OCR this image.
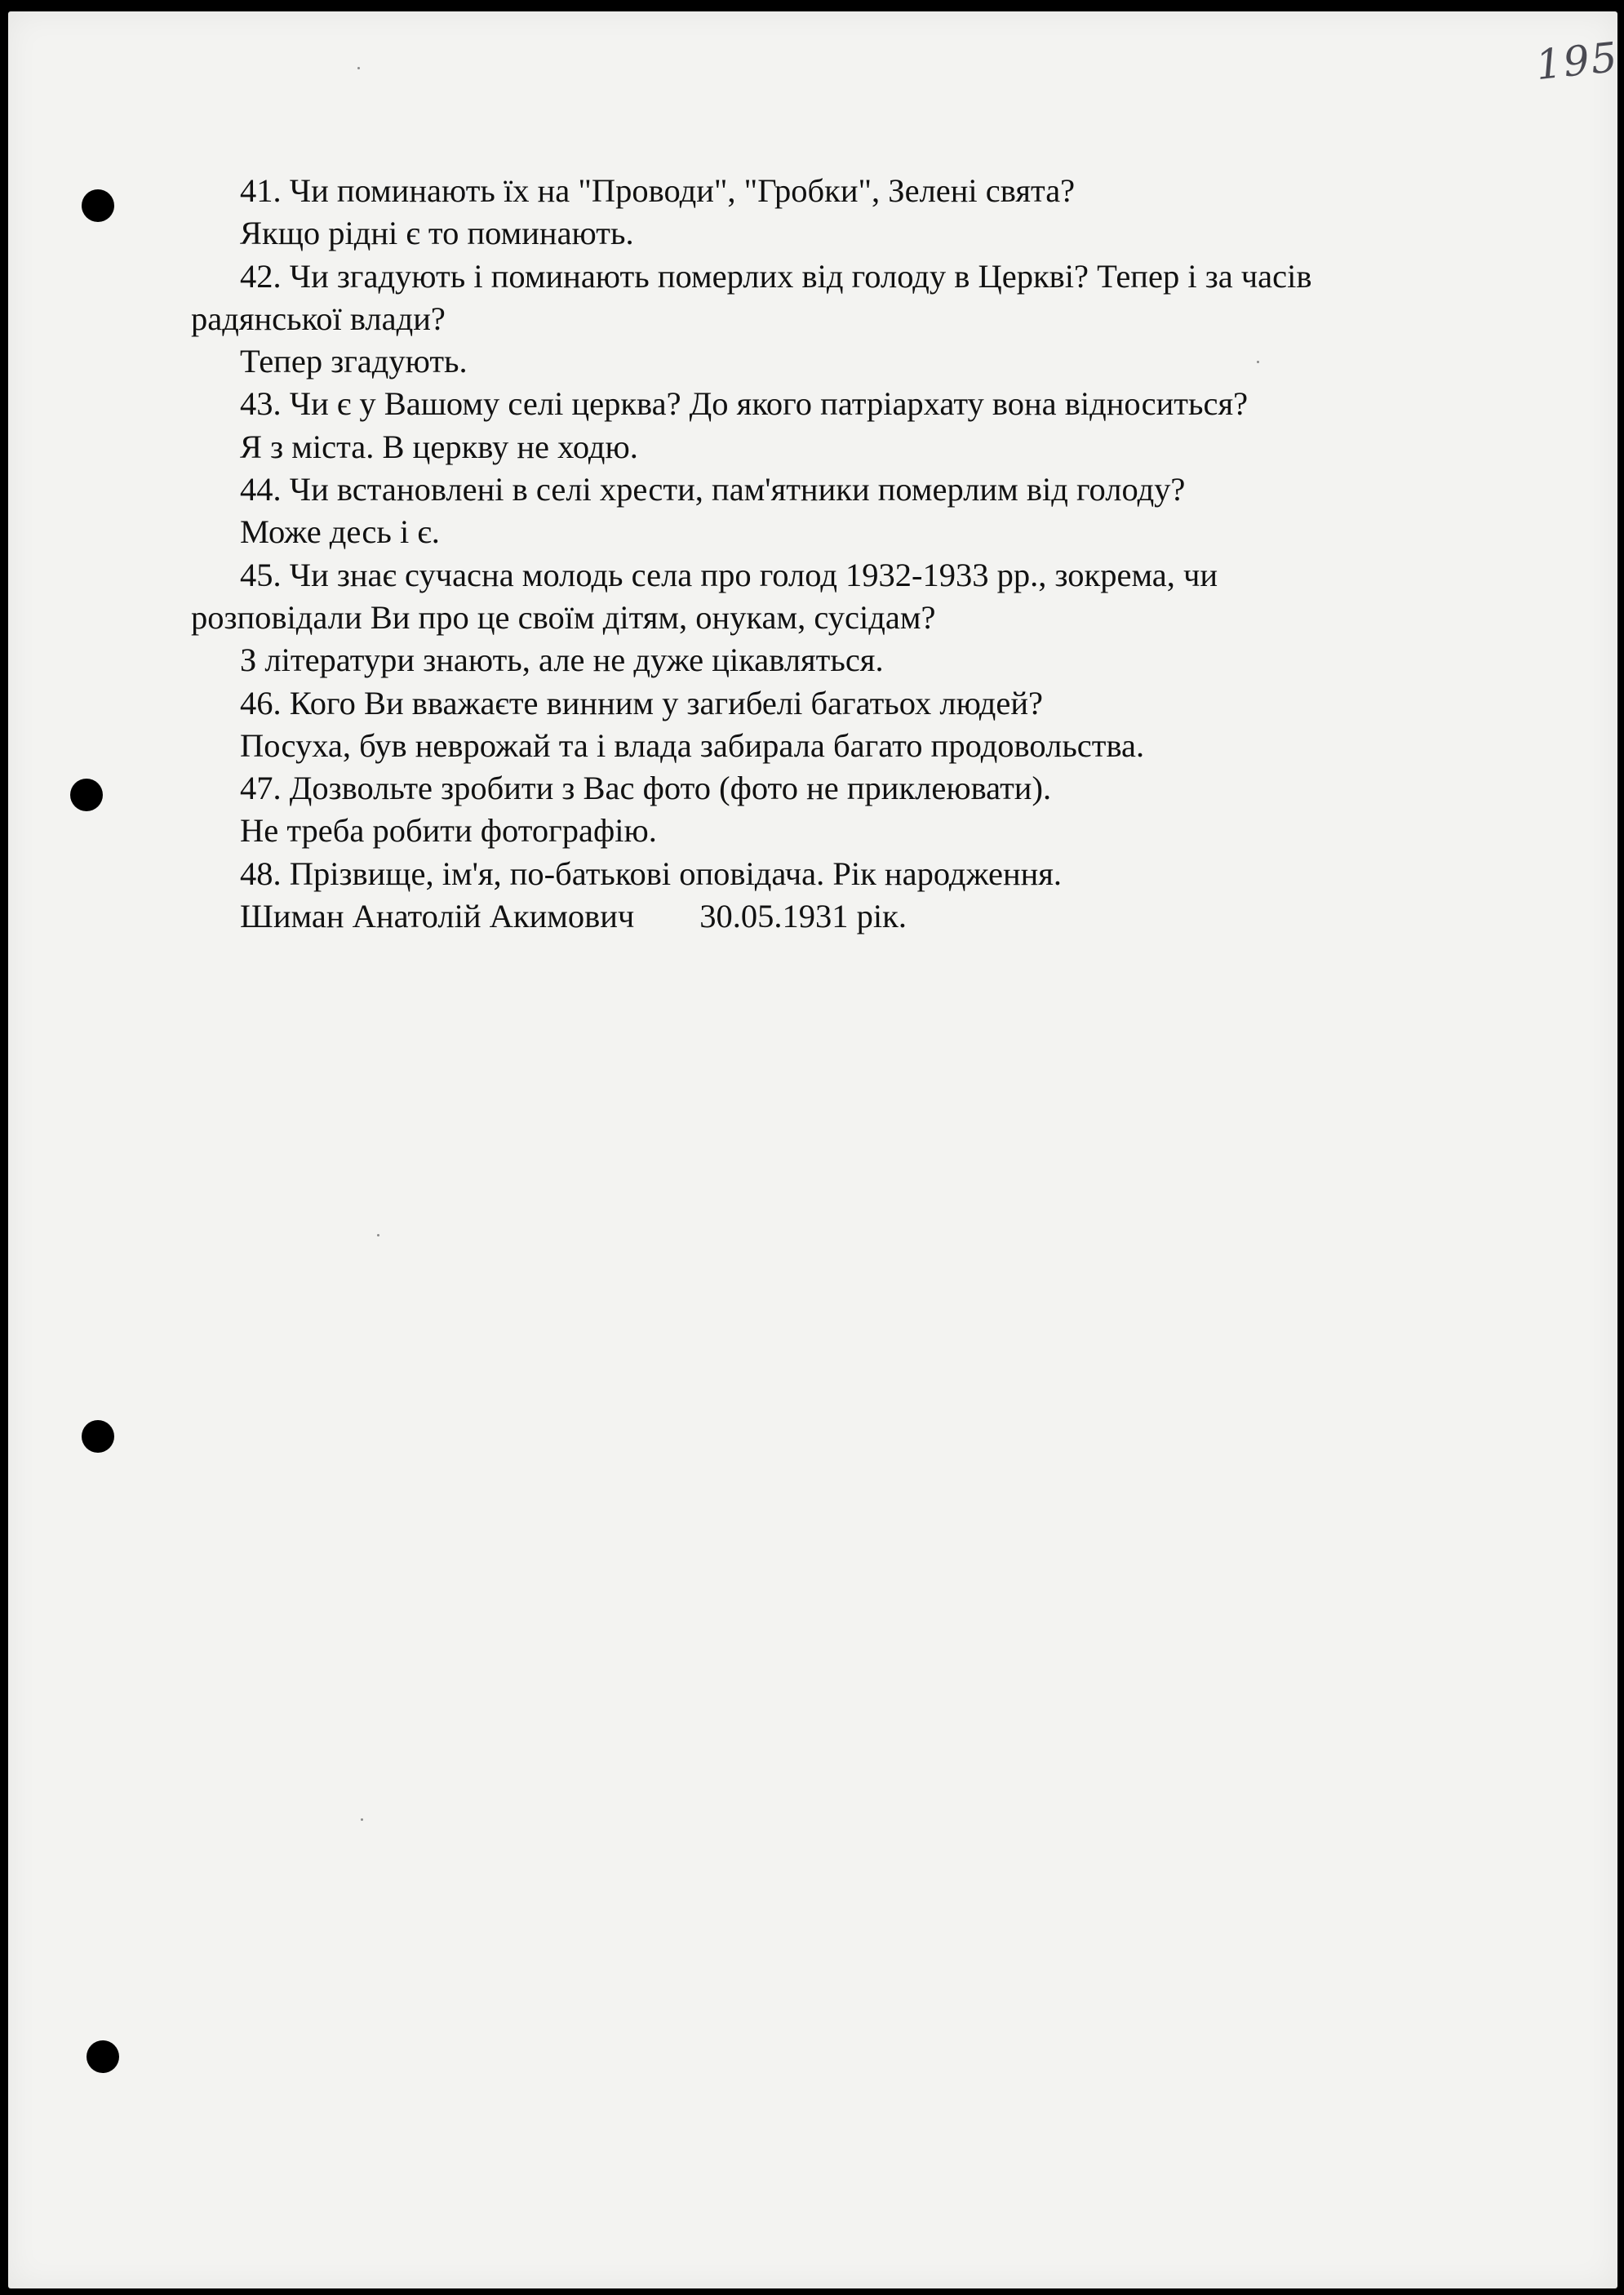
195
41. Чи поминають їх на "Проводи", "Гробки", Зелені свята?
Якщо рідні є то поминають.
42. Чи згадують і поминають померлих від голоду в Церкві? Тепер і за часів
радянської влади?
Тепер згадують.
43. Чи є у Вашому селі церква? До якого патріархату вона відноситься?
Я з міста. В церкву не ходю.
44. Чи встановлені в селі хрести, пам'ятники померлим від голоду?
Може десь і є.
45. Чи знає сучасна молодь села про голод 1932-1933 рр., зокрема, чи
розповідали Ви про це своїм дітям, онукам, сусідам?
З літератури знають, але не дуже цікавляться.
46. Кого Ви вважаєте винним у загибелі багатьох людей?
Посуха, був неврожай та і влада забирала багато продовольства.
47. Дозвольте зробити з Вас фото (фото не приклеювати).
Не треба робити фотографію.
48. Прізвище, ім'я, по-батькові оповідача. Рік народження.
Шиман Анатолій Акимович 30.05.1931 рік.
